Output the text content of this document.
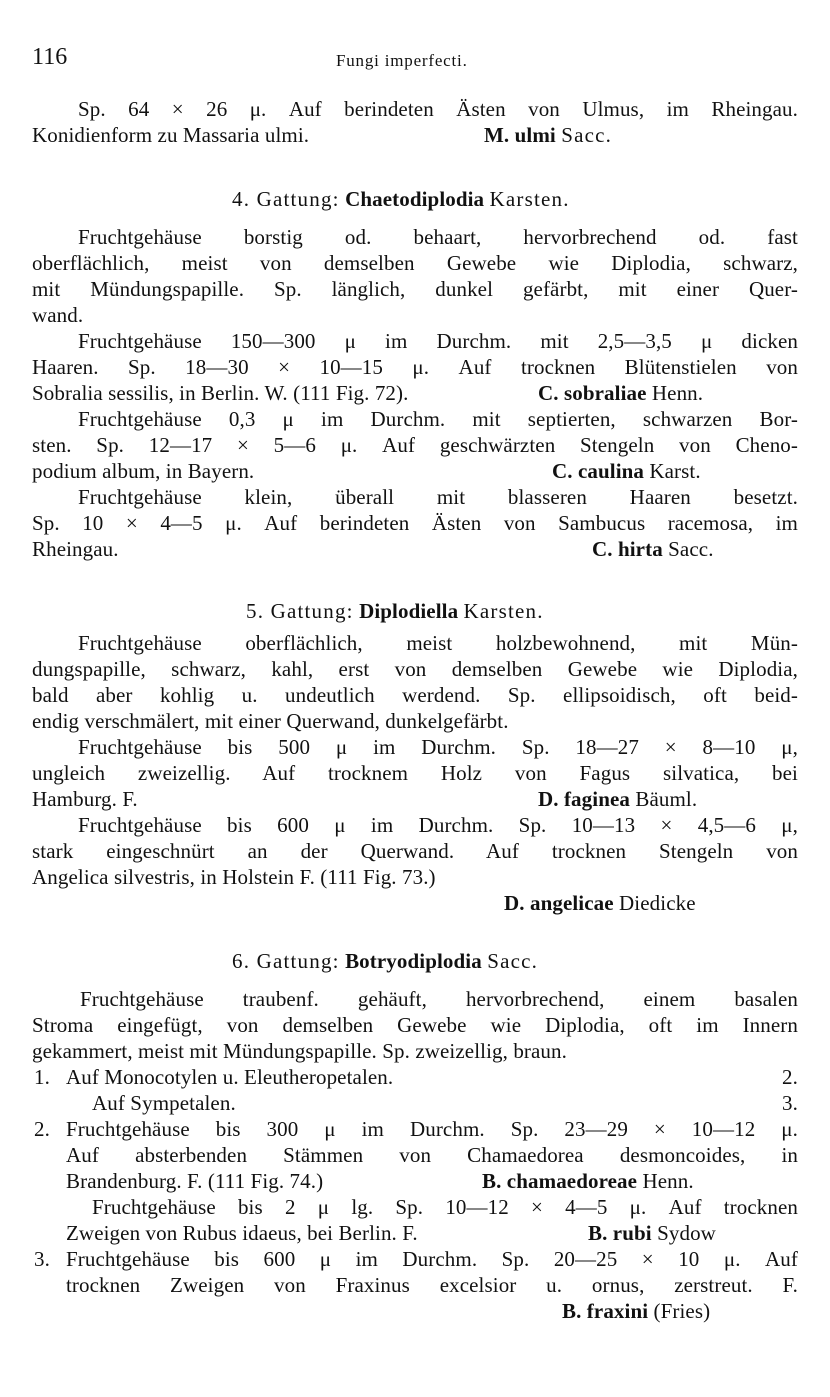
116	Fungi imperfecti.
Sp. 64 × 26 μ. Auf berindeten Ästen von Ulmus, im Rheingau.
Konidienform zu Massaria ulmi.	M. ulmi Sacc.
4. Gattung: Chaetodiplodia Karsten.
Fruchtgehäuse borstig od. behaart, hervorbrechend od. fast
oberflächlich, meist von demselben Gewebe wie Diplodia, schwarz,
mit Mündungspapille. Sp. länglich, dunkel gefärbt, mit einer Quer-
wand.
Fruchtgehäuse 150—300 μ im Durchm. mit 2,5—3,5 μ dicken
Haaren. Sp. 18—30 × 10—15 μ. Auf trocknen Blütenstielen von
Sobralia sessilis, in Berlin. W. (111 Fig. 72).	C. sobraliae Henn.
Fruchtgehäuse 0,3 μ im Durchm. mit septierten, schwarzen Bor-
sten. Sp. 12—17 × 5—6 μ. Auf geschwärzten Stengeln von Cheno-
podium album, in Bayern.	C. caulina Karst.
Fruchtgehäuse klein, überall mit blasseren Haaren besetzt.
Sp. 10 × 4—5 μ. Auf berindeten Ästen von Sambucus racemosa, im
Rheingau.	C. hirta Sacc.
5. Gattung: Diplodiella Karsten.
Fruchtgehäuse oberflächlich, meist holzbewohnend, mit Mün-
dungspapille, schwarz, kahl, erst von demselben Gewebe wie Diplodia,
bald aber kohlig u. undeutlich werdend. Sp. ellipsoidisch, oft beid-
endig verschmälert, mit einer Querwand, dunkelgefärbt.
Fruchtgehäuse bis 500 μ im Durchm. Sp. 18—27 × 8—10 μ,
ungleich zweizellig. Auf trocknem Holz von Fagus silvatica, bei
Hamburg. F.	D. faginea Bäuml.
Fruchtgehäuse bis 600 μ im Durchm. Sp. 10—13 × 4,5—6 μ,
stark eingeschnürt an der Querwand. Auf trocknen Stengeln von
Angelica silvestris, in Holstein F. (111 Fig. 73.)
D. angelicae Diedicke
6. Gattung: Botryodiplodia Sacc.
Fruchtgehäuse traubenf. gehäuft, hervorbrechend, einem basalen
Stroma eingefügt, von demselben Gewebe wie Diplodia, oft im Innern
gekammert, meist mit Mündungspapille. Sp. zweizellig, braun.
1. Auf Monocotylen u. Eleutheropetalen.	2.
Auf Sympetalen.	3.
2. Fruchtgehäuse bis 300 μ im Durchm. Sp. 23—29 × 10—12 μ.
Auf absterbenden Stämmen von Chamaedorea desmoncoides, in
Brandenburg. F. (111 Fig. 74.)	B. chamaedoreae Henn.
Fruchtgehäuse bis 2 μ lg. Sp. 10—12 × 4—5 μ. Auf trocknen
Zweigen von Rubus idaeus, bei Berlin. F.	B. rubi Sydow
3. Fruchtgehäuse bis 600 μ im Durchm. Sp. 20—25 × 10 μ. Auf
trocknen Zweigen von Fraxinus excelsior u. ornus, zerstreut. F.
B. fraxini (Fries)
